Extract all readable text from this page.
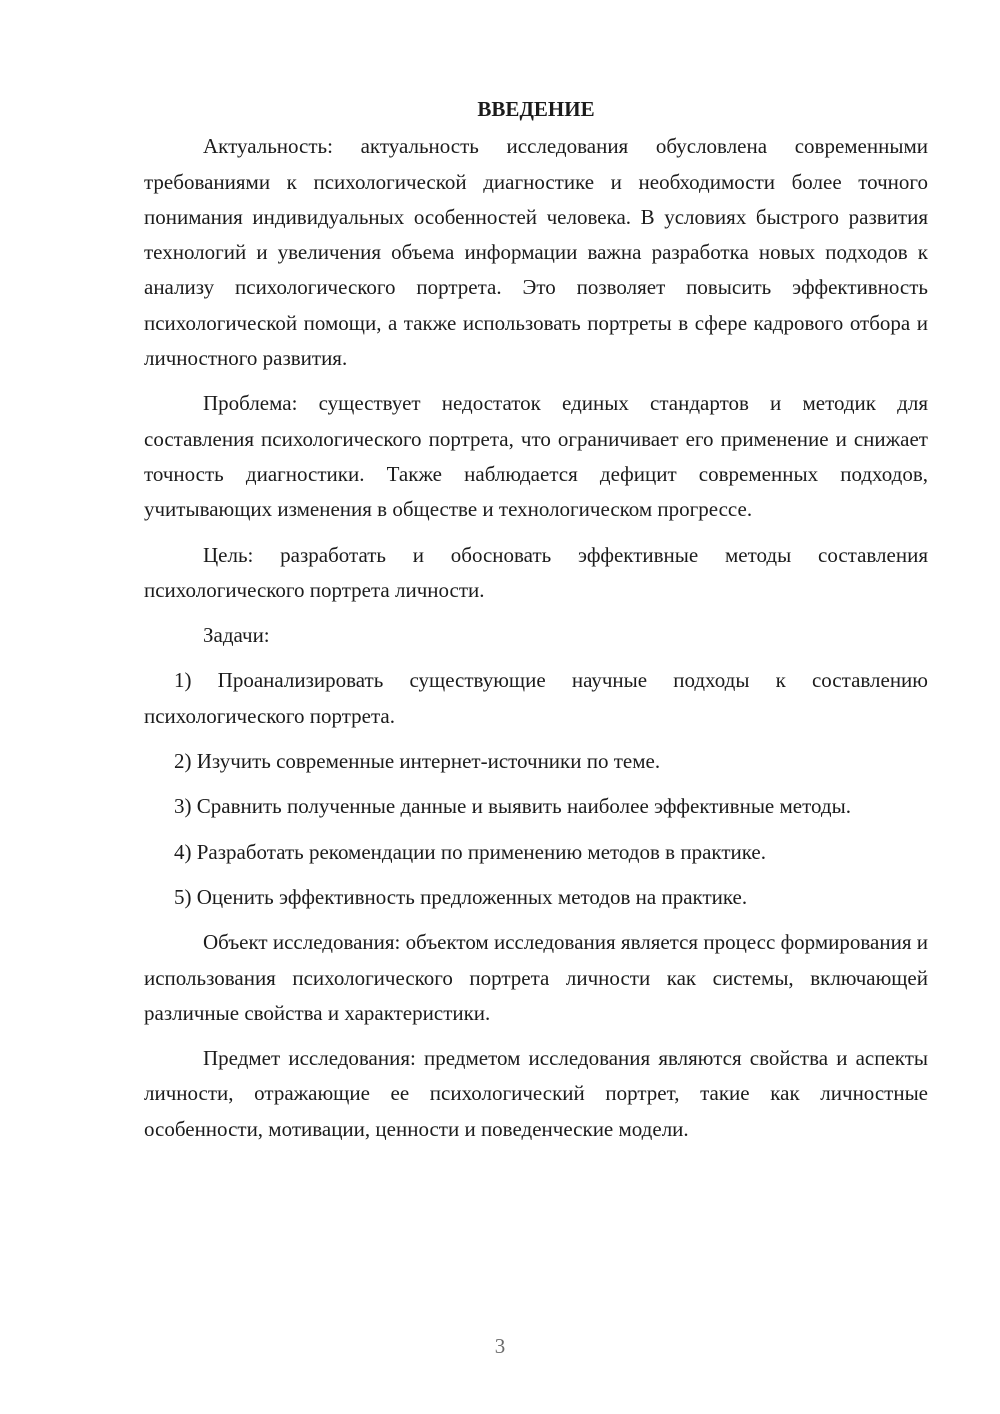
ВВЕДЕНИЕ

Актуальность: актуальность исследования обусловлена современными требованиями к психологической диагностике и необходимости более точного понимания индивидуальных особенностей человека. В условиях быстрого развития технологий и увеличения объема информации важна разработка новых подходов к анализу психологического портрета. Это позволяет повысить эффективность психологической помощи, а также использовать портреты в сфере кадрового отбора и личностного развития.

Проблема: существует недостаток единых стандартов и методик для составления психологического портрета, что ограничивает его применение и снижает точность диагностики. Также наблюдается дефицит современных подходов, учитывающих изменения в обществе и технологическом прогрессе.

Цель: разработать и обосновать эффективные методы составления психологического портрета личности.

Задачи:

1) Проанализировать существующие научные подходы к составлению психологического портрета.

2) Изучить современные интернет-источники по теме.

3) Сравнить полученные данные и выявить наиболее эффективные методы.

4) Разработать рекомендации по применению методов в практике.

5) Оценить эффективность предложенных методов на практике.

Объект исследования: объектом исследования является процесс формирования и использования психологического портрета личности как системы, включающей различные свойства и характеристики.

Предмет исследования: предметом исследования являются свойства и аспекты личности, отражающие ее психологический портрет, такие как личностные особенности, мотивации, ценности и поведенческие модели.

3
